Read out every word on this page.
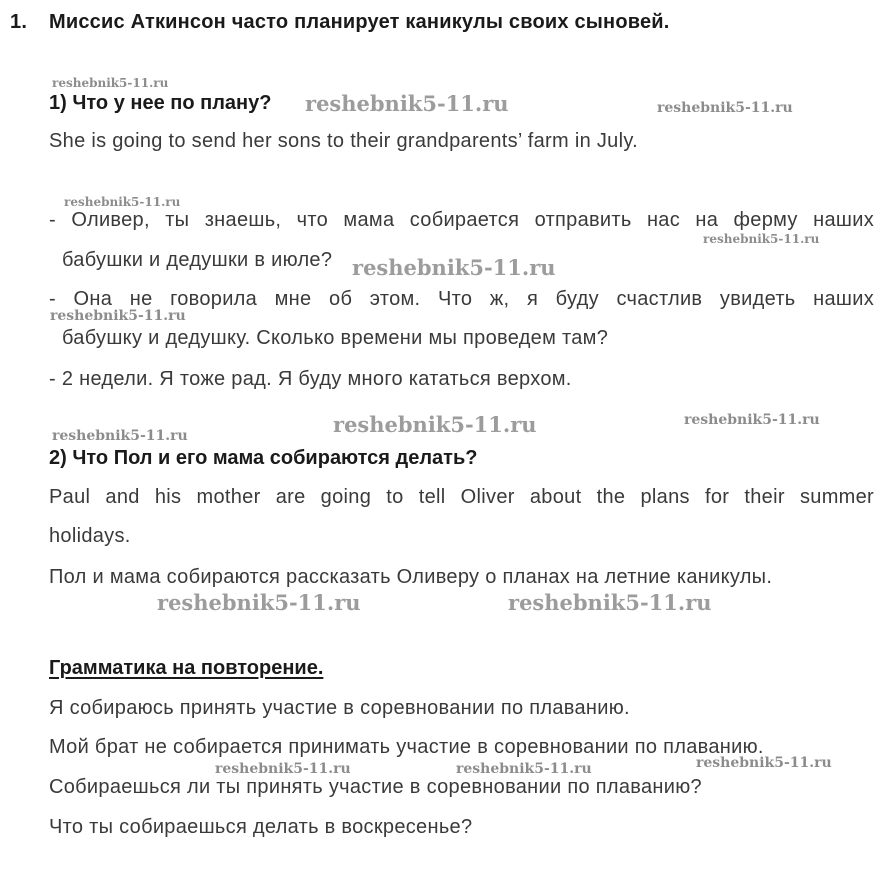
1. Миссис Аткинсон часто планирует каникулы своих сыновей.
1) Что у нее по плану?
She is going to send her sons to their grandparents’ farm in July.
- Оливер, ты знаешь, что мама собирается отправить нас на ферму наших
бабушки и дедушки в июле?
- Она не говорила мне об этом. Что ж, я буду счастлив увидеть наших
бабушку и дедушку. Сколько времени мы проведем там?
- 2 недели. Я тоже рад. Я буду много кататься верхом.
2) Что Пол и его мама собираются делать?
Paul and his mother are going to tell Oliver about the plans for their summer
holidays.
Пол и мама собираются рассказать Оливеру о планах на летние каникулы.
Грамматика на повторение.
Я собираюсь принять участие в соревновании по плаванию.
Мой брат не собирается принимать участие в соревновании по плаванию.
Собираешься ли ты принять участие в соревновании по плаванию?
Что ты собираешься делать в воскресенье?
reshebnik5-11.ru
reshebnik5-11.ru	reshebnik5-11.ru
reshebnik5-11.ru
reshebnik5-11.ru
reshebnik5-11.ru
reshebnik5-11.ru
reshebnik5-11.ru	reshebnik5-11.ru
reshebnik5-11.ru
reshebnik5-11.ru	reshebnik5-11.ru
reshebnik5-11.ru
reshebnik5-11.ru	reshebnik5-11.ru
